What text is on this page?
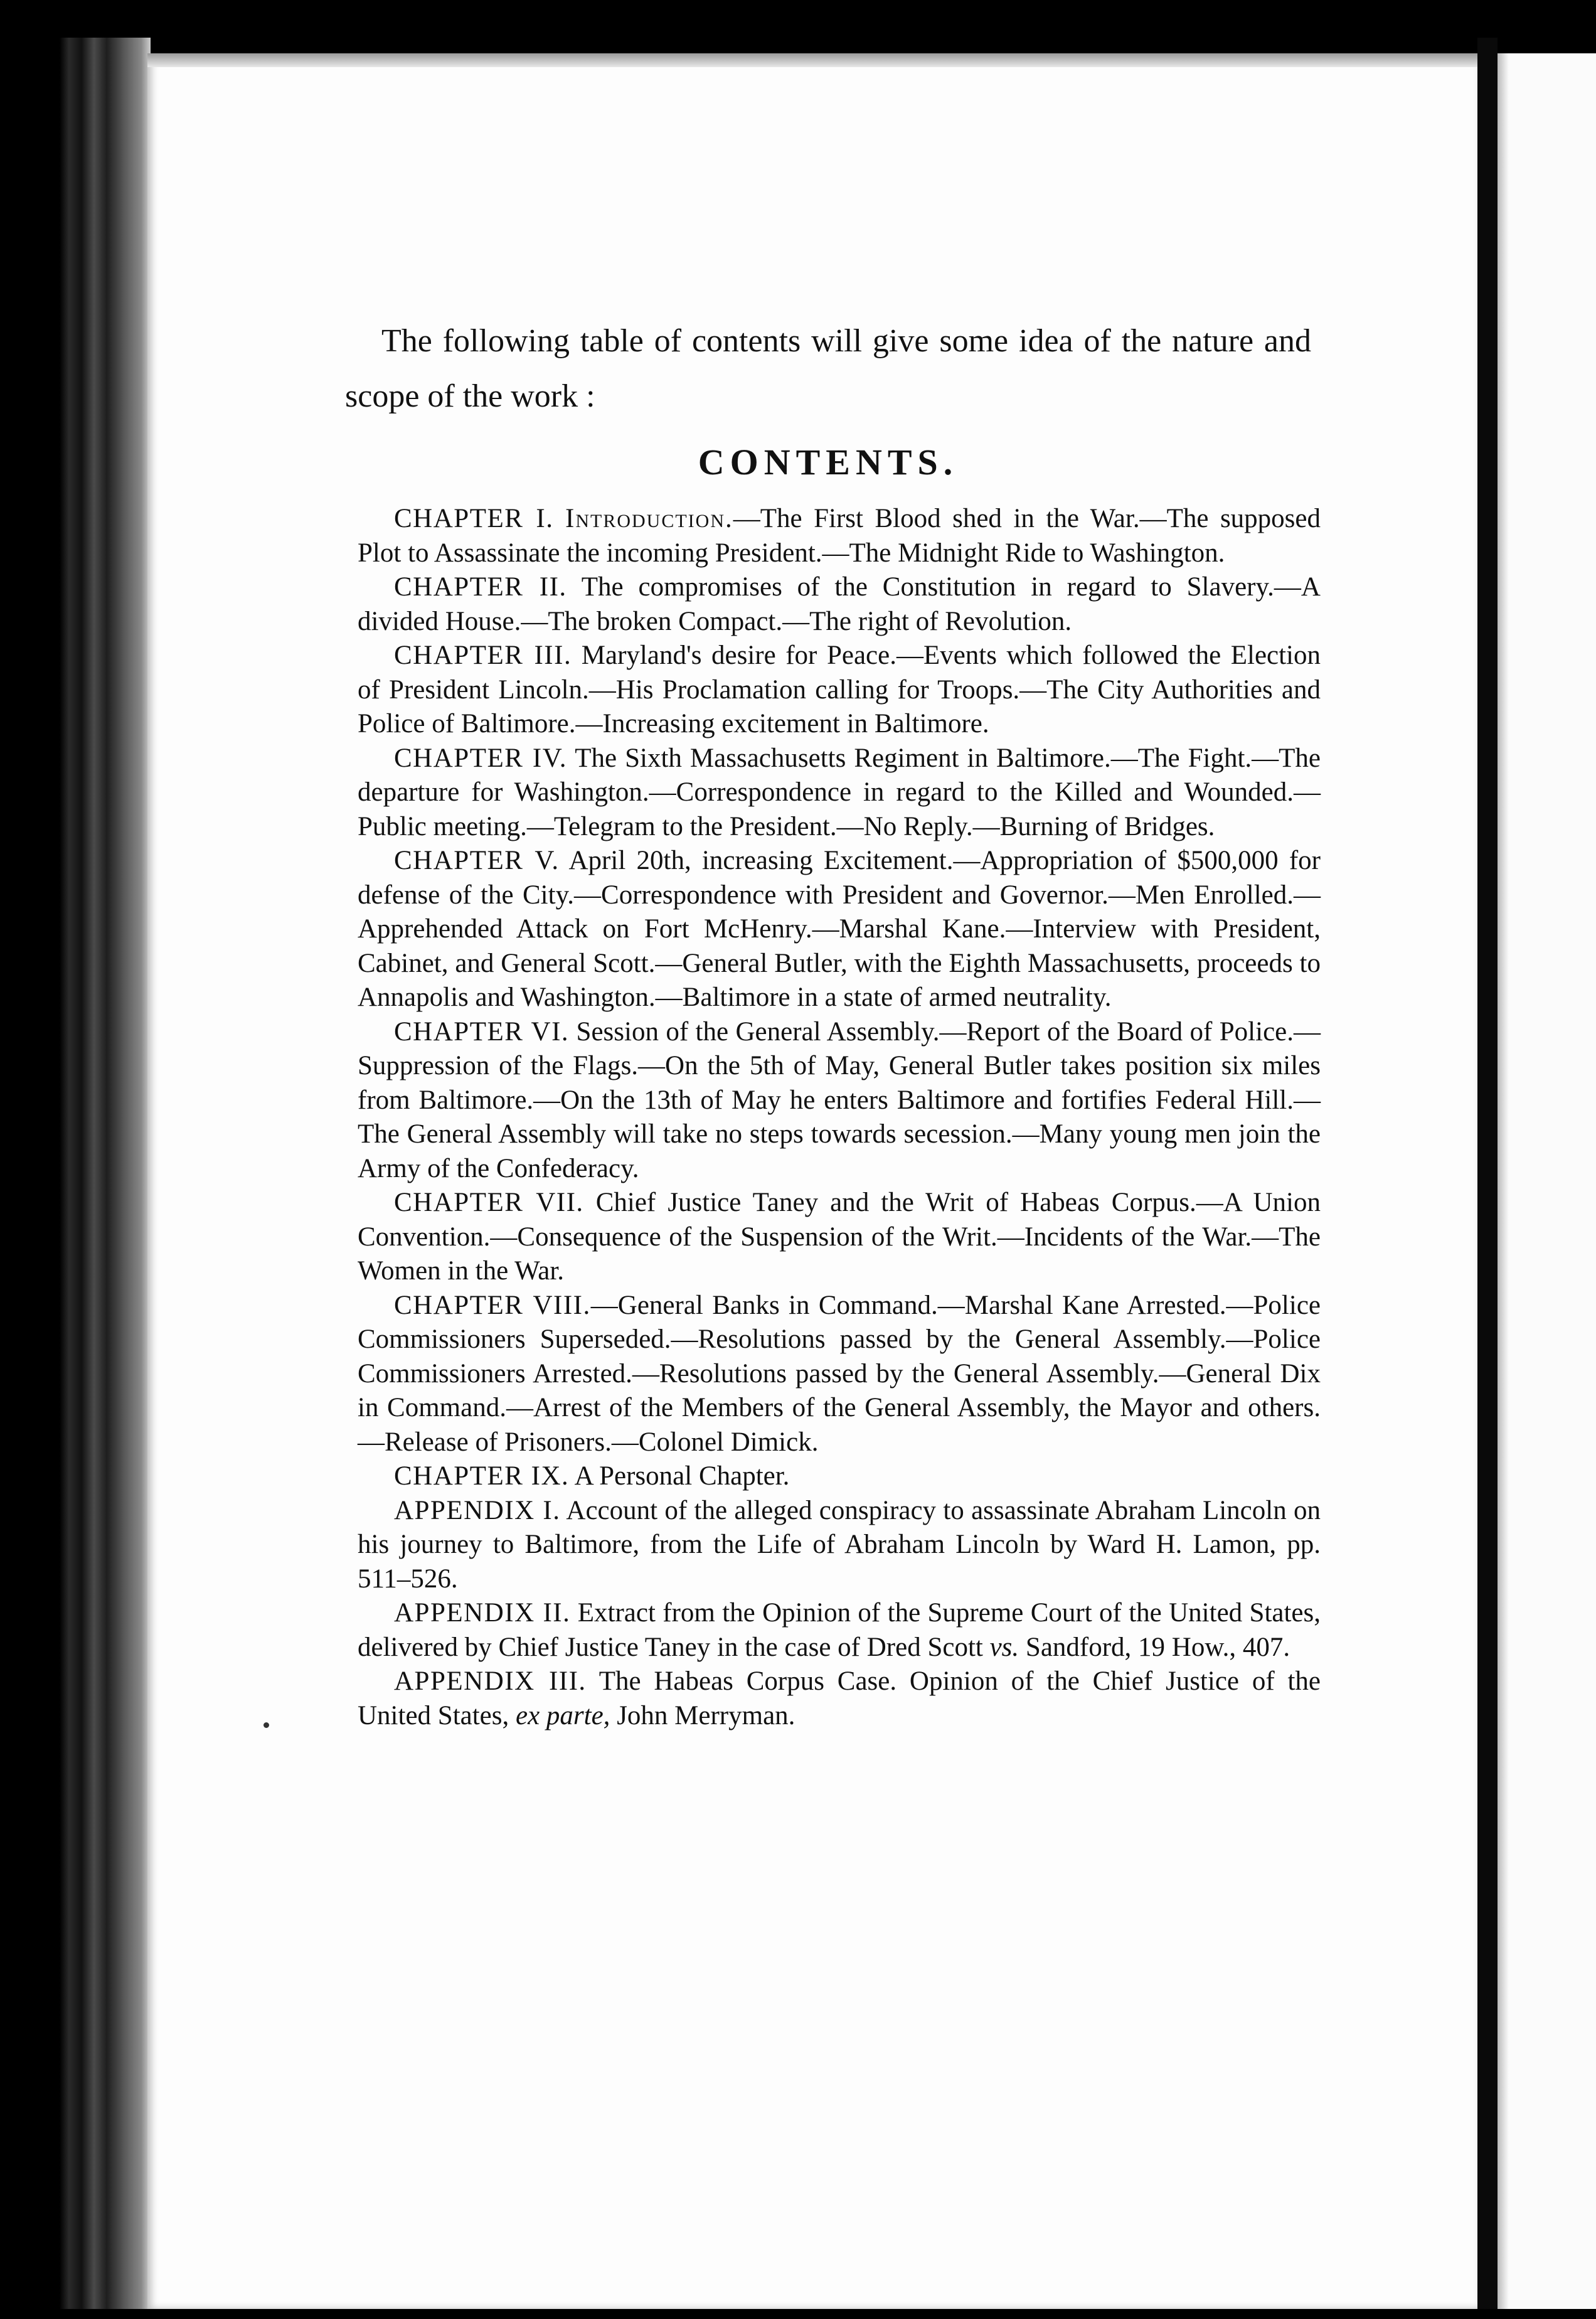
The following table of contents will give some idea of the nature and scope of the work :

CONTENTS.

CHAPTER I. Introduction.—The First Blood shed in the War.—The supposed Plot to Assassinate the incoming President.—The Midnight Ride to Washington.

CHAPTER II. The compromises of the Constitution in regard to Slavery.—A divided House.—The broken Compact.—The right of Revolution.

CHAPTER III. Maryland's desire for Peace.—Events which followed the Election of President Lincoln.—His Proclamation calling for Troops.—The City Authorities and Police of Baltimore.—Increasing excitement in Baltimore.

CHAPTER IV. The Sixth Massachusetts Regiment in Baltimore.—The Fight.—The departure for Washington.—Correspondence in regard to the Killed and Wounded.—Public meeting.—Telegram to the President.—No Reply.—Burning of Bridges.

CHAPTER V. April 20th, increasing Excitement.—Appropriation of $500,000 for defense of the City.—Correspondence with President and Governor.—Men Enrolled.—Apprehended Attack on Fort McHenry.—Marshal Kane.—Interview with President, Cabinet, and General Scott.—General Butler, with the Eighth Massachusetts, proceeds to Annapolis and Washington.—Baltimore in a state of armed neutrality.

CHAPTER VI. Session of the General Assembly.—Report of the Board of Police.—Suppression of the Flags.—On the 5th of May, General Butler takes position six miles from Baltimore.—On the 13th of May he enters Baltimore and fortifies Federal Hill.—The General Assembly will take no steps towards secession.—Many young men join the Army of the Confederacy.

CHAPTER VII. Chief Justice Taney and the Writ of Habeas Corpus.—A Union Convention.—Consequence of the Suspension of the Writ.—Incidents of the War.—The Women in the War.

CHAPTER VIII.—General Banks in Command.—Marshal Kane Arrested.—Police Commissioners Superseded.—Resolutions passed by the General Assembly.—Police Commissioners Arrested.—Resolutions passed by the General Assembly.—General Dix in Command.—Arrest of the Members of the General Assembly, the Mayor and others.—Release of Prisoners.—Colonel Dimick.

CHAPTER IX. A Personal Chapter.

APPENDIX I. Account of the alleged conspiracy to assassinate Abraham Lincoln on his journey to Baltimore, from the Life of Abraham Lincoln by Ward H. Lamon, pp. 511–526.

APPENDIX II. Extract from the Opinion of the Supreme Court of the United States, delivered by Chief Justice Taney in the case of Dred Scott vs. Sandford, 19 How., 407.

APPENDIX III. The Habeas Corpus Case. Opinion of the Chief Justice of the United States, ex parte, John Merryman.
